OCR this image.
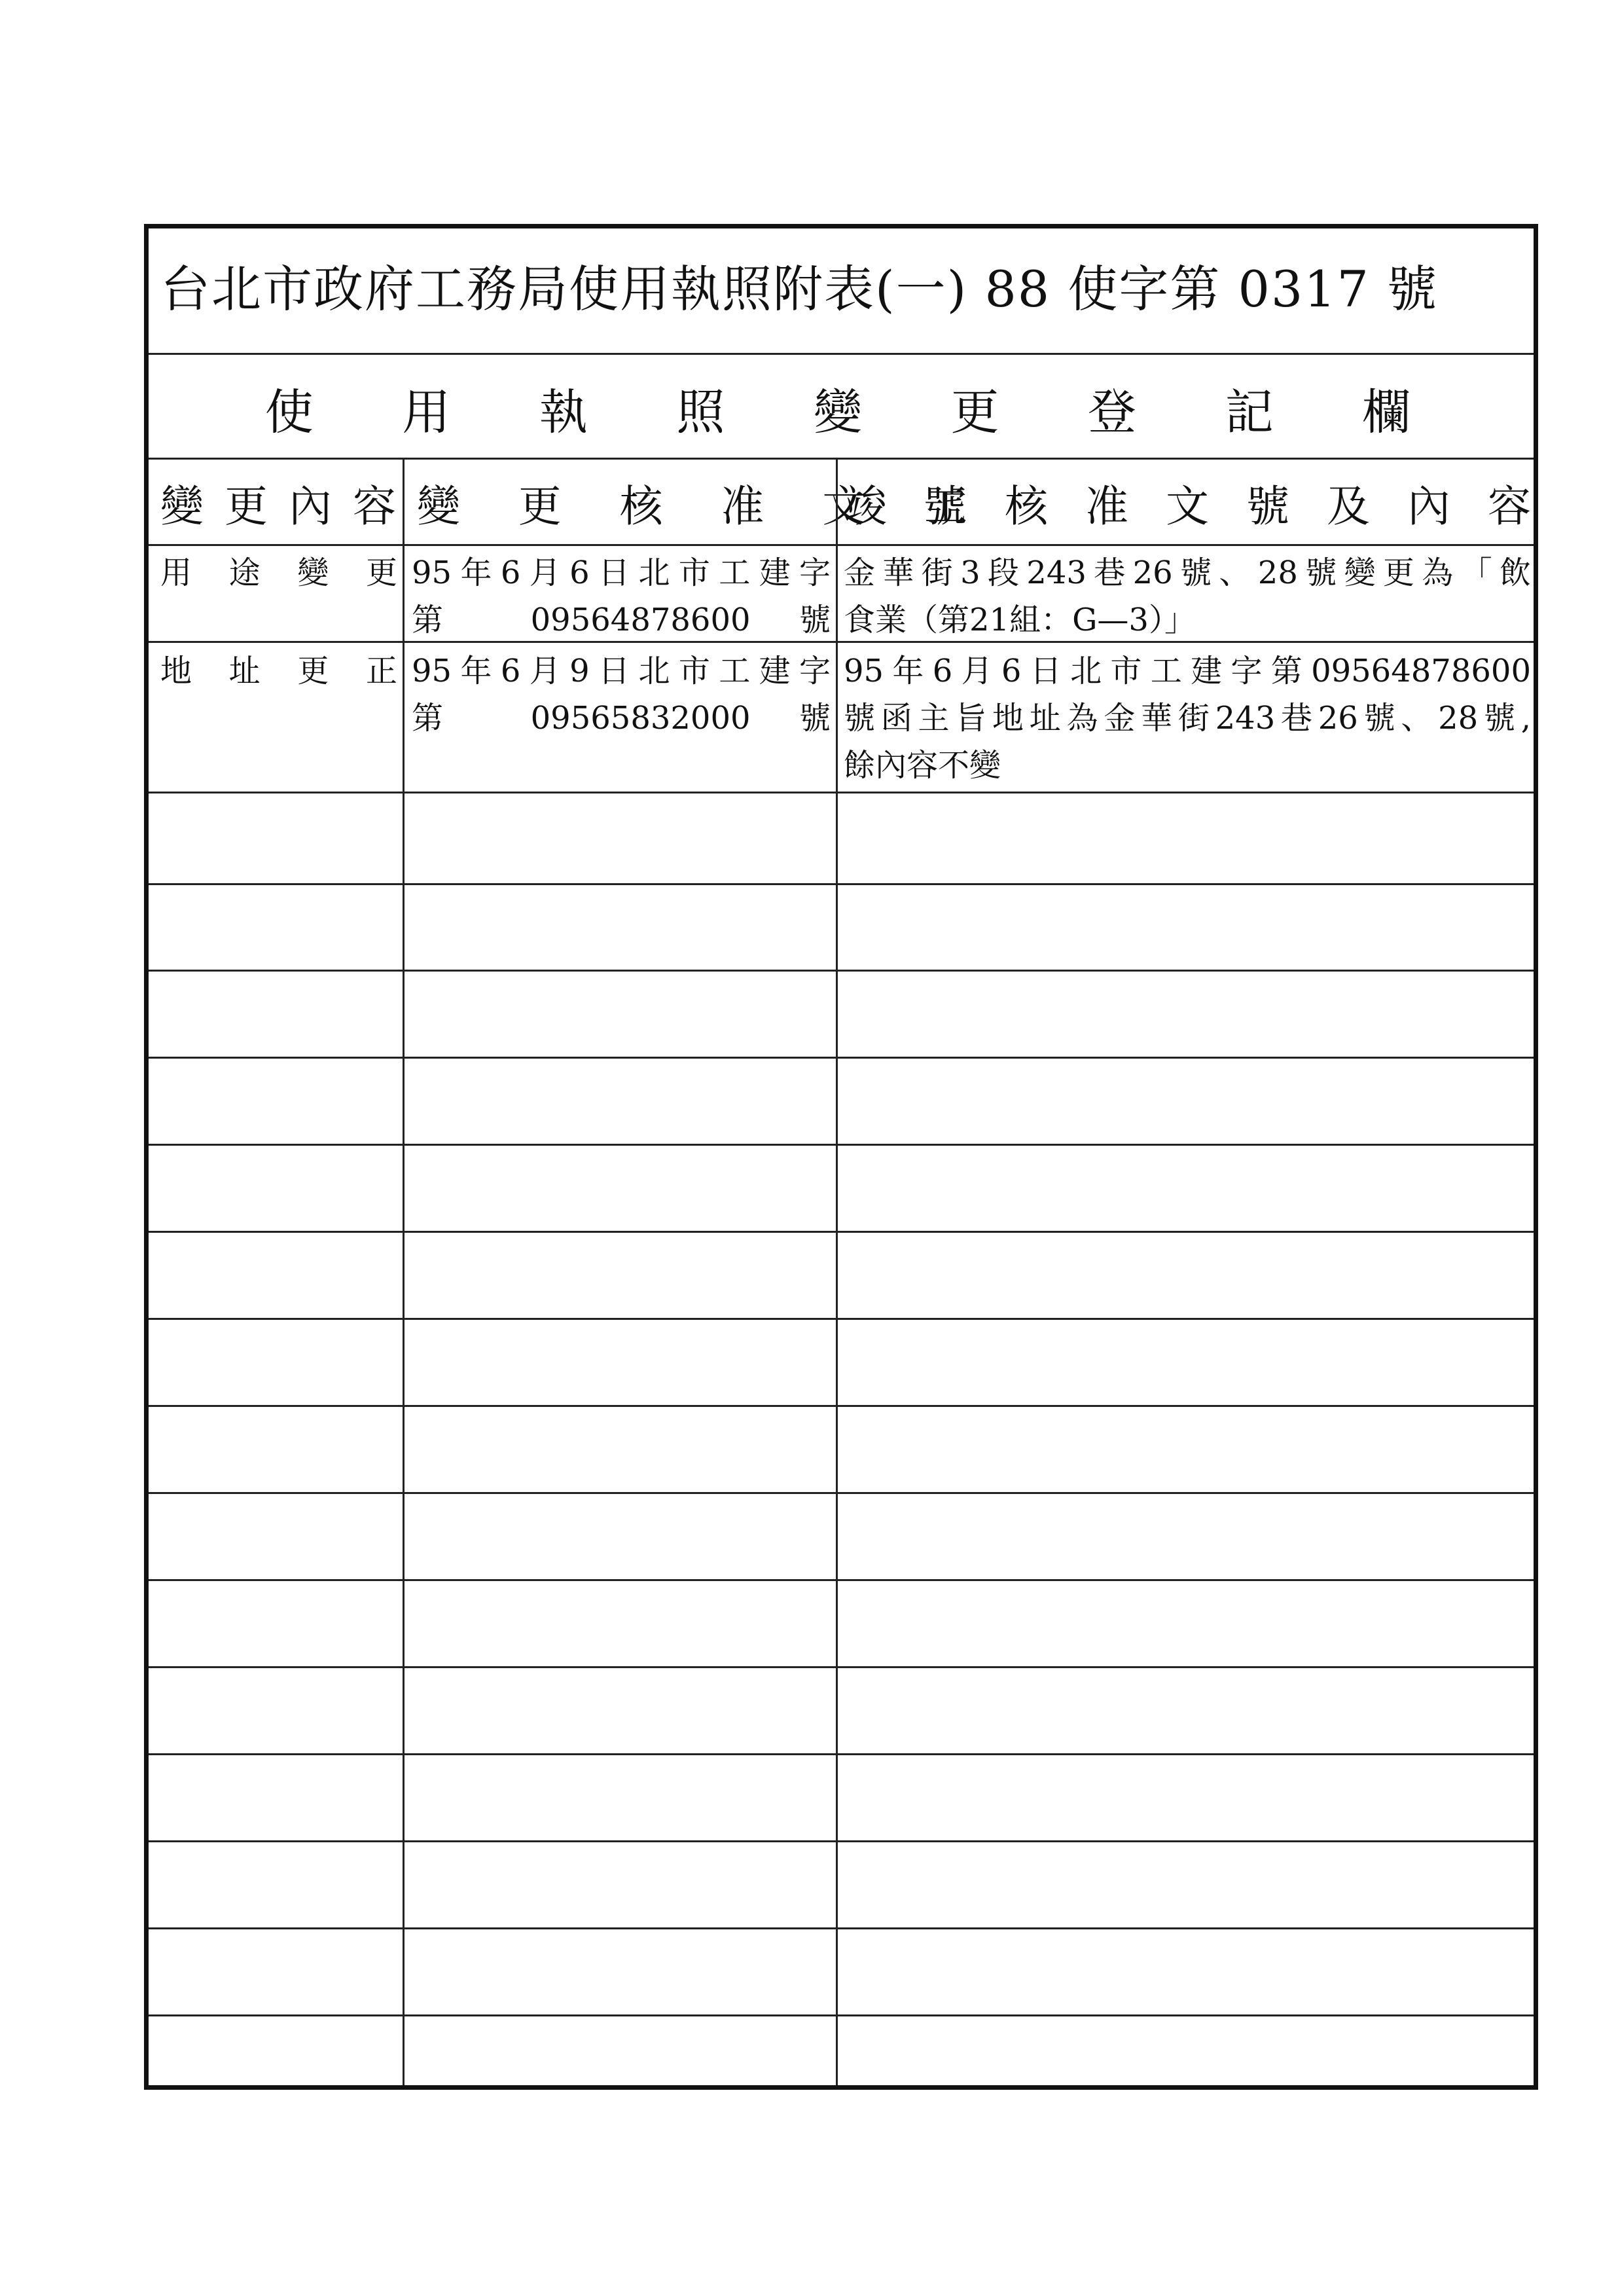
台北市政府工務局使用執照附表(一) 88 使字第 0317 號
使 用 執 照 變 更 登 記 欄
變更內容 變更核准文號
竣工核准文號及內容
用途變更 95年6月6日北市工建字
第 09564878600 號
金華街3段243巷26號、28號變更為「飲
食業（第21組：G—3）」
地址更正 95年6月9日北市工建字
第 09565832000 號
95年6月6日北市工建字第09564878600
號函主旨地址為金華街243巷26號、28號,
餘內容不變
